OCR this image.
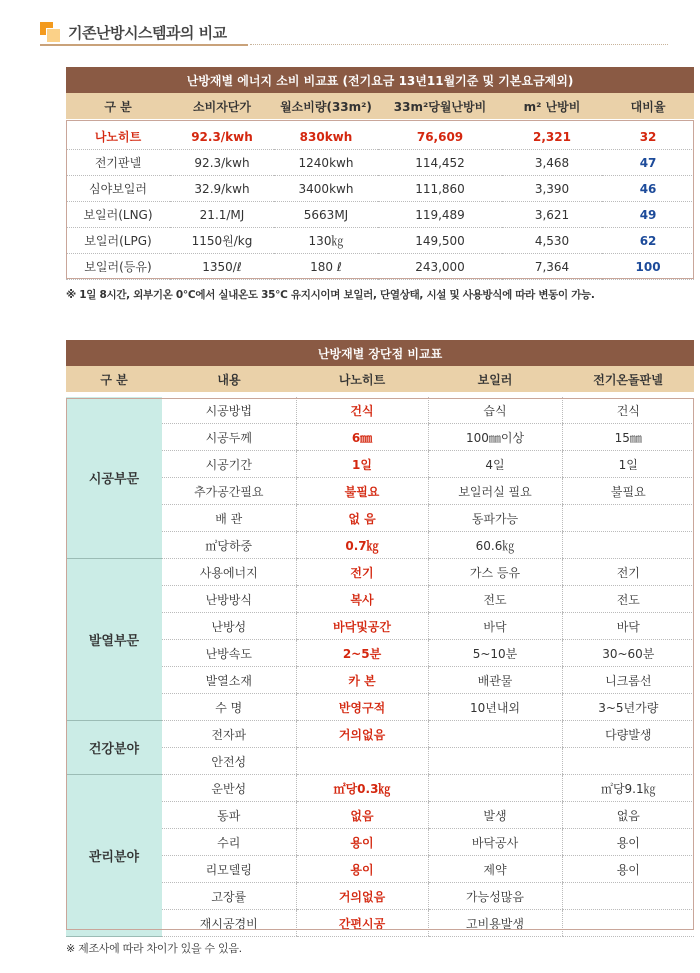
기존난방시스템과의 비교
난방재별 에너지 소비 비교표 (전기요금 13년11월기준 및 기본요금제외)					
구 분	소비자단가	월소비량(33m²)	33m²당월난방비	m² 난방비	대비율

나노히트	92.3/kwh	830kwh	76,609	2,321	32
전기판넬	92.3/kwh	1240kwh	114,452	3,468	47
심야보일러	32.9/kwh	3400kwh	111,860	3,390	46
보일러(LNG)	21.1/MJ	5663MJ	119,489	3,621	49
보일러(LPG)	1150원/kg	130㎏	149,500	4,530	62
보일러(등유)	1350/ℓ	180 ℓ	243,000	7,364	100
※ 1일 8시간, 외부기온 0℃에서 실내온도 35℃ 유지시이며 보일러, 단열상태, 시설 및 사용방식에 따라 변동이 가능.
난방재별 장단점 비교표				
구 분	내용	나노히트	보일러	전기온돌판넬

시공부문	시공방법	건식	습식	건식
	시공두께	6㎜	100㎜이상	15㎜
	시공기간	1일	4일	1일
	추가공간필요	불필요	보일러실 필요	불필요
	배 관	없 음	동파가능	
	㎡당하중	0.7㎏	60.6㎏	
발열부문	사용에너지	전기	가스 등유	전기
	난방방식	복사	전도	전도
	난방성	바닥및공간	바닥	바닥
	난방속도	2~5분	5~10분	30~60분
	발열소재	카 본	배관물	니크롬선
	수 명	반영구적	10년내외	3~5년가량
건강분야	전자파	거의없음		다량발생
	안전성			
관리분야	운반성	㎡당0.3㎏		㎡당9.1㎏
	동파	없음	발생	없음
	수리	용이	바닥공사	용이
	리모델링	용이	제약	용이
	고장률	거의없음	가능성많음	
	재시공경비	간편시공	고비용발생	
※ 제조사에 따라 차이가 있을 수 있음.
